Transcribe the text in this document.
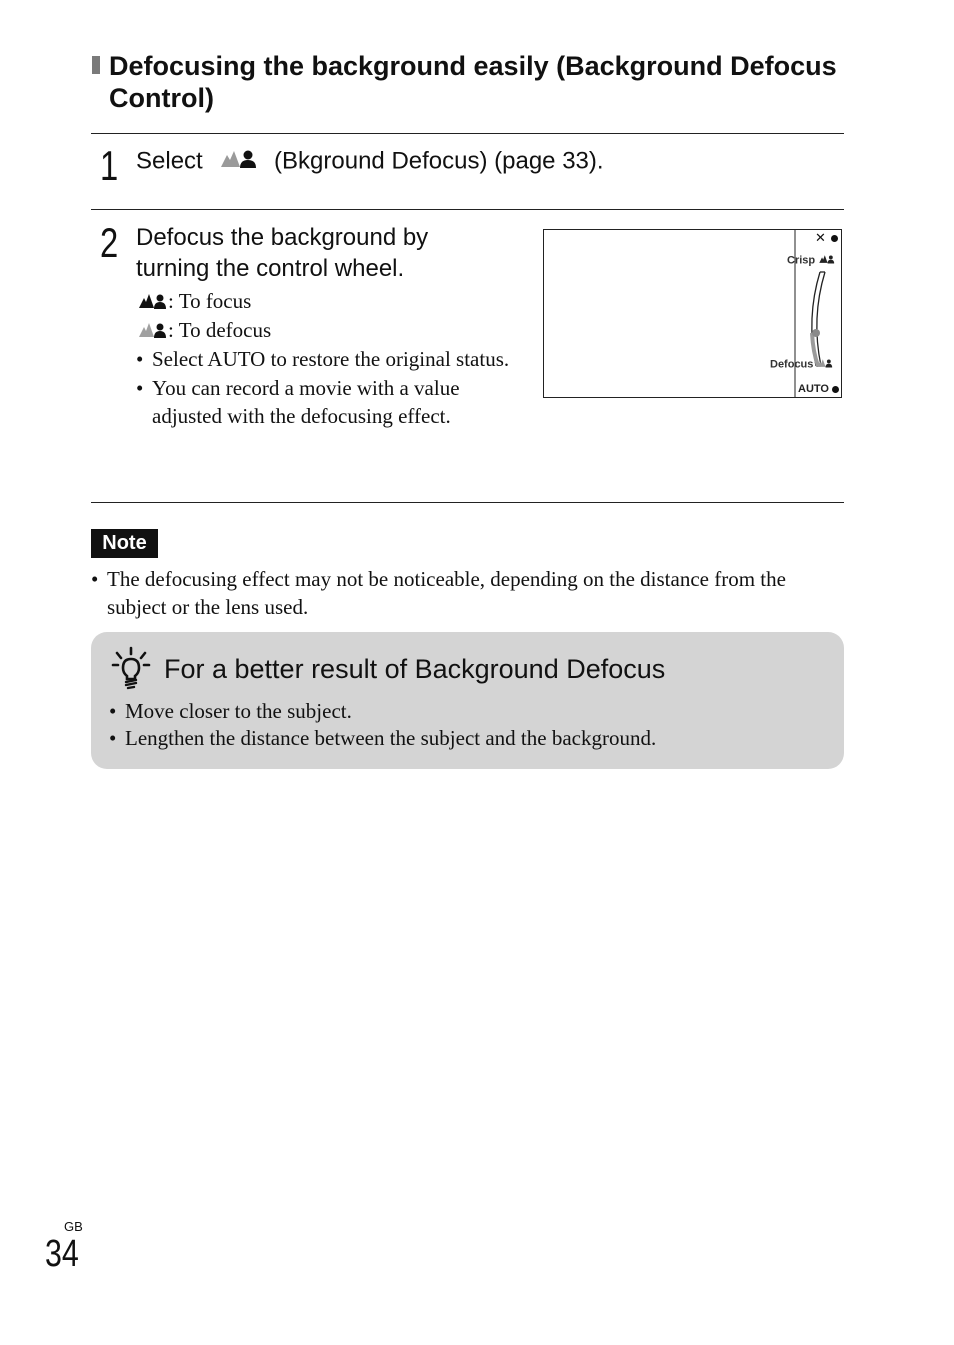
Defocusing the background easily (Background Defocus Control)
1 Select	(Bkground Defocus) (page 33).
2 Defocus the background by turning the control wheel.
: To focus
: To defocus
• Select AUTO to restore the original status.
• You can record a movie with a value adjusted with the defocusing effect.
✕
Crisp
Defocus
AUTO
Note
• The defocusing effect may not be noticeable, depending on the distance from the subject or the lens used.
For a better result of Background Defocus
• Move closer to the subject.
• Lengthen the distance between the subject and the background.
GB
34
